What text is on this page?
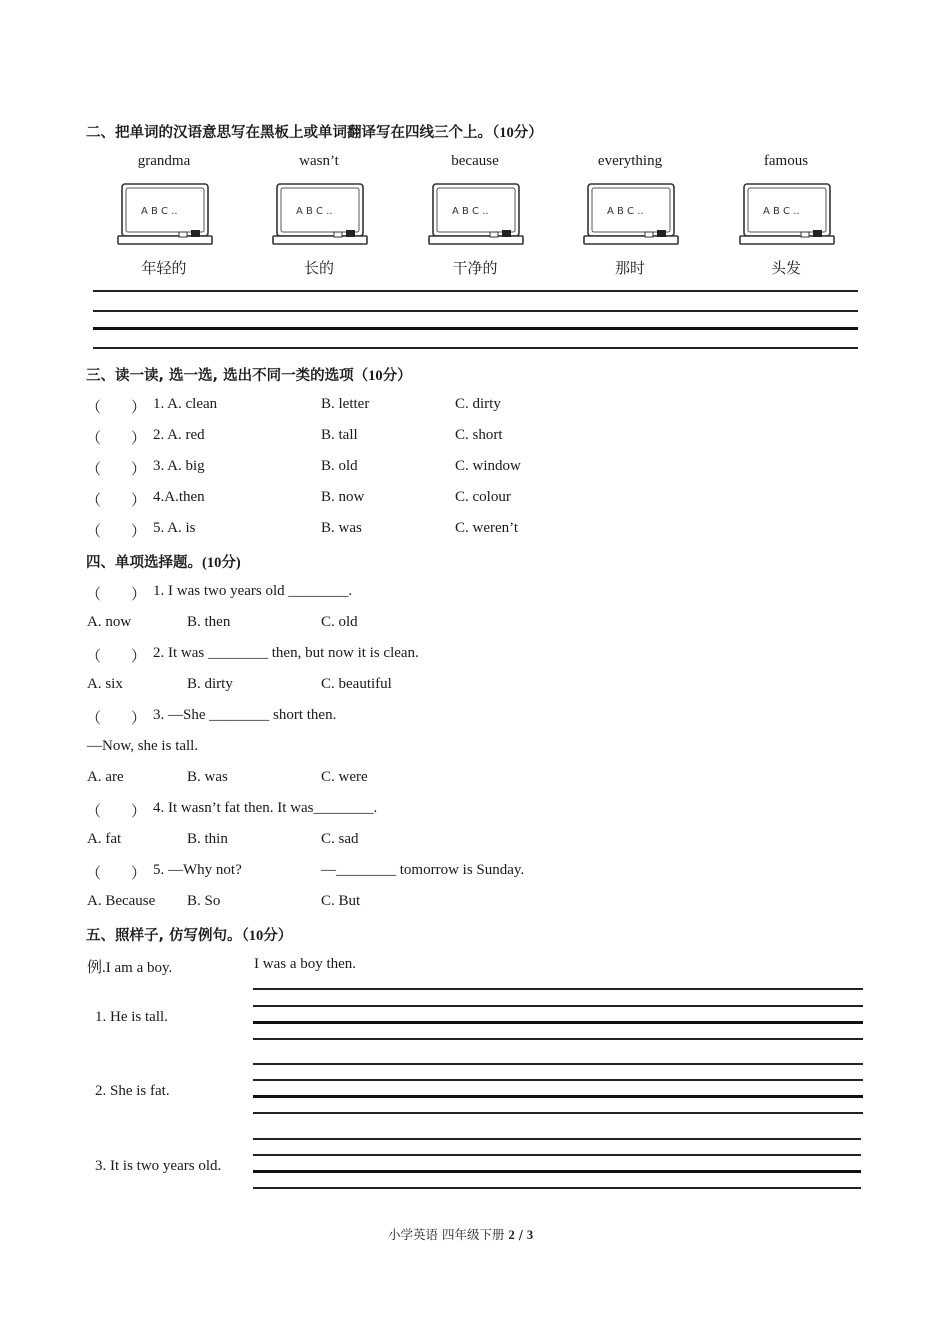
二、把单词的汉语意思写在黑板上或单词翻译写在四线三个上。（10分）
grandma	wasn’t	because	everything	famous
A B C ..	A B C ..	A B C ..	A B C ..	A B C ..
年轻的	长的	干净的	那时	头发
三、读一读, 选一选, 选出不同一类的选项（10分）
（　　） 1. A. clean	B. letter	C. dirty
（　　） 2. A. red	B. tall	C. short
（　　） 3. A. big	B. old	C. window
（　　） 4.A.then	B. now	C. colour
（　　） 5. A. is	B. was	C. weren’t
四、单项选择题。(10分)
（　　） 1. I was two years old ________.
A. now	B. then	C. old
（　　） 2. It was ________ then, but now it is clean.
A. six	B. dirty	C. beautiful
（　　） 3. —She ________ short then.
—Now, she is tall.
A. are	B. was	C. were
（　　） 4. It wasn’t fat then. It was________.
A. fat	B. thin	C. sad
（　　） 5. —Why not?	—________ tomorrow is Sunday.
A. Because B. So	C. But
五、照样子, 仿写例句。（10分）
例.I am a boy.	I was a boy then.
1. He is tall.
2. She is fat.
3. It is two years old.
小学英语 四年级下册 2 / 3
